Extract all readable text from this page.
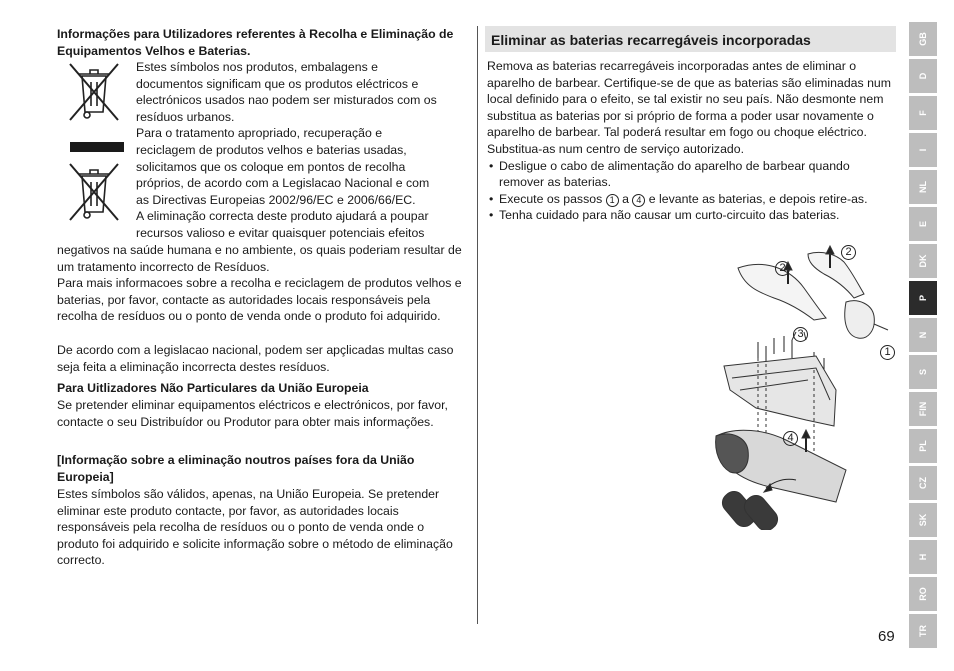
Informações para Utilizadores referentes à Recolha e Eliminação de Equipamentos Velhos e Baterias.
Estes símbolos nos produtos, embalagens e
documentos significam que os produtos eléctricos e
electrónicos usados nao podem ser misturados com os
resíduos urbanos.
Para o tratamento apropriado, recuperação e
reciclagem de produtos velhos e baterias usadas,
solicitamos que os coloque em pontos de recolha
próprios, de acordo com a Legislacao Nacional e com
as Directivas Europeias 2002/96/EC e 2006/66/EC.
A eliminação correcta deste produto ajudará a poupar
recursos valioso e evitar quaisquer potenciais efeitos
negativos na saúde humana e no ambiente, os quais poderiam resultar de um tratamento incorrecto de Resíduos.
Para mais informacoes sobre a recolha e reciclagem de produtos velhos e baterias, por favor, contacte as autoridades locais responsáveis pela recolha de resíduos ou o ponto de venda onde o produto foi adquirido.
De acordo com a legislacao nacional, podem ser apçlicadas multas caso seja feita a eliminação incorrecta destes resíduos.
Para Uitlizadores Não Particulares da União Europeia
Se pretender eliminar equipamentos eléctricos e electrónicos, por favor, contacte o seu Distribuídor ou Produtor para obter mais informações.
[Informação sobre a eliminação noutros países fora da União Europeia]
Estes símbolos são válidos, apenas, na União Europeia. Se pretender eliminar este produto contacte, por favor, as autoridades locais responsáveis pela recolha de resíduos ou o ponto de venda onde o produto foi adquirido e solicite informação sobre o método de eliminação correcto.
Eliminar as baterias recarregáveis incorporadas
Remova as baterias recarregáveis incorporadas antes de eliminar o aparelho de barbear. Certifique-se de que as baterias são eliminadas num local definido para o efeito, se tal existir no seu país. Não desmonte nem substitua as baterias por si próprio de forma a poder usar novamente o aparelho de barbear. Tal poderá resultar em fogo ou choque eléctrico. Substitua-as num centro de serviço autorizado.
• Desligue o cabo de alimentação do aparelho de barbear quando remover as baterias.
• Execute os passos 1 a 4 e levante as baterias, e depois retire-as.
• Tenha cuidado para não causar um curto-circuito das baterias.
2
2
1
3
4
GB
D
F
I
NL
E
DK
P
N
S
FIN
PL
CZ
SK
H
RO
TR
69
